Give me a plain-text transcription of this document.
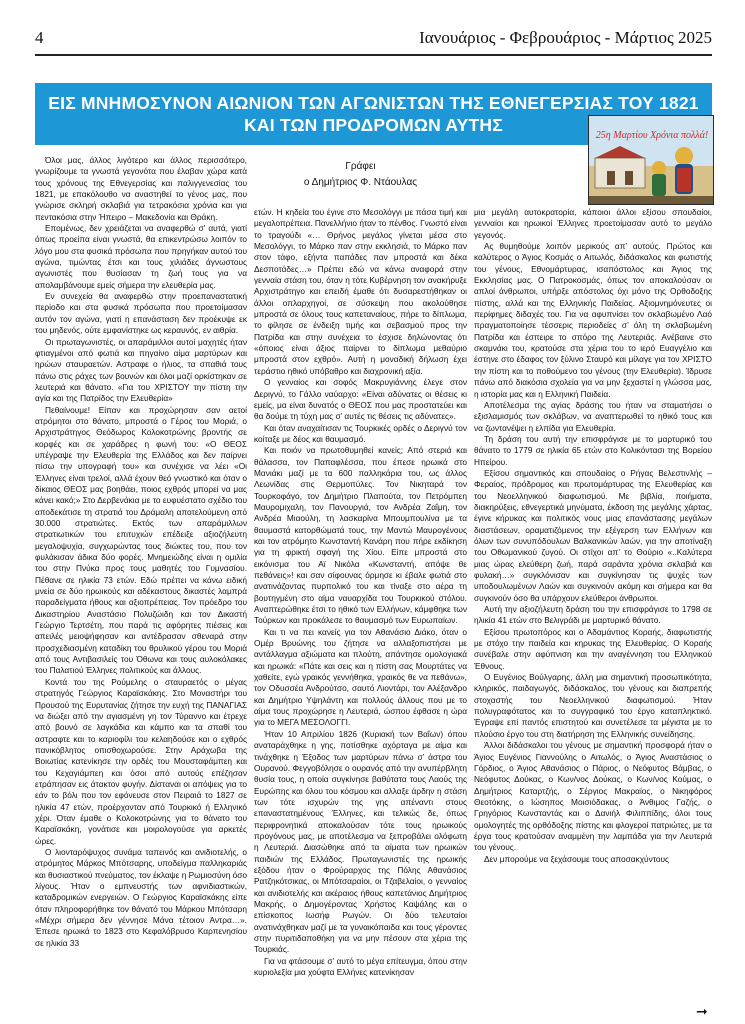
4	Ιανουάριος - Φεβρουάριος - Μάρτιος 2025
ΕΙΣ ΜΝΗΜΟΣΥΝΟΝ ΑΙΩΝΙΟΝ ΤΩΝ ΑΓΩΝΙΣΤΩΝ ΤΗΣ ΕΘΝΕΓΕΡΣΙΑΣ ΤΟΥ 1821
ΚΑΙ ΤΩΝ ΠΡΟΔΡΟΜΩΝ ΑΥΤΗΣ
25η Μαρτίου Χρόνια πολλά!
Γράφει
ο Δημήτριος Φ. Ντάουλας

Όλοι μας, άλλος λιγότερο και άλλος περισσότερο, γνωρίζουμε τα γνωστά γεγονότα που έλαβαν χώρα κατά τους χρόνους της Εθνεγερσίας και παλιγγενεσίας του 1821, με επακόλουθο να αναστηθεί το γένος μας, που γνώρισε σκληρή σκλαβιά για τετρακόσια χρόνια και για πεντακόσια στην Ήπειρο – Μακεδονία και Θράκη.

Επομένως, δεν χρειάζεται να αναφερθώ σ’ αυτά, γιατί όπως προείπα είναι γνωστά, θα επικεντρώσω λοιπόν το λόγο μου στα φυσικά πρόσωπα που πρηγήκαν αυτού του αγώνα, τιμώντας έτσι και τους χιλιάδες άγνωστους αγωνιστές που θυσίασαν τη ζωή τους για να απολαμβάνουμε εμείς σήμερα την ελευθερία μας.

Εν συνεχεία θα αναφερθώ στην προεπαναστατική περίοδο και στα φυσικά πρόσωπα που προετοίμασαν αυτόν τον αγώνα, γιατί η επανάσταση δεν προέκυψε εκ του μηδενός, ούτε εμφανίστηκε ως κεραυνός, εν αιθρία.

Οι πρωταγωνιστές, οι απαράμιλλοι αυτοί μαχητές ήταν φτιαγμένοι από φωτιά και πηγαίνο αίμα μαρτύρων και ηρώων σταυραετών. Αστραφε ο ήλιος, τα σπαθιά τους πάνω στις ράχες των βουνών και όλοι μαζί ορκίστηκαν σε λευτεριά και θάνατο. «Για του ΧΡΙΣΤΟΥ την πίστη την αγία και της Πατρίδος την Ελευθερία»

Πεθαίνουμε! Είπαν και προχώρησαν σαν αετοί ατρόμητοι στο θάνατο, μπροστά ο Γέρος του Μοριά, ο Αρχιστράτηγος Θεόδωρος Κολοκοτρώνης βροντής σε κορφές και σε χαράδρες η φωνή του: «Ο ΘΕΟΣ υπέγραψε την Ελευθερία της Ελλάδος και δεν παίρνει πίσω την υπογραφή του» και συνέχισε να λέει «Οι Έλληνες είναι τρελοί, αλλά έχουν θεό γνωστικό και όταν ο δίκαιος ΘΕΟΣ μας βοηθάει, ποιος εχθρός μπορεί να μας κάνει κακό;» Στο Δερβενάκια με το ευφυέστατο σχέδιο του αποδεκάτισε τη στρατιά του Δράμαλη αποτελούμενη από 30.000 στρατιώτες. Εκτός των απαράμιλλων στρατιωτικών του επιτυχιών επέδειξε αξιοζήλευτη μεγαλοψυχία, συγχωρώντας τους διώκτες του, που τον φυλάκισαν άδικα δύο φορές. Μνημειώδης είναι η ομιλία του στην Πνύκα προς τους μαθητές του Γυμνασίου. Πέθανε σε ηλικία 73 ετών. Εδώ πρέπει να κάνω ειδική μνεία σε δύο ηρωικούς και αδέκαστους δικαστές λαμπρά παραδείγματα ήθους και αξιοπρέπειας. Τον πρόεδρο του Δικαστηρίου Αναστάσιο Πολυζώιδη και τον Δικαστή Γεώργιο Τερτσέτη, που παρά τις αφόρητες πιέσεις και απειλές μειοψήφησαν και αντέδρασαν σθεναρά στην προσχεδιασμένη καταδίκη του θρυλικού γέρου του Μοριά από τους Αντιβασιλείς του Όθωνα και τους αυλοκόλακες του Παλατιού Έλληνες πολιτικούς και άλλους.

Κοντά του της Ρούμελης ο σταυραετός ο μέγας στρατηγός Γεώργιος Καραϊσκάκης. Στο Μοναστήρι του Προυσού της Ευρυτανίας ζήτησε την ευχή της ΠΑΝΑΓΙΑΣ να διώξει από την αγιασμένη γη τον Τύραννο και έτρεχε από βουνό σε λαγκάδια και κάμπο και τα σπαθί του αστραφτε και το καριοφίλι του κελαηδούσε και ο εχθρός πανικόβλητος οπισθοχωρούσε. Στην Αράχωβα της Βοιωτίας κατενίκησε την ορδές του Μουσταφάμπεη και του Κεχαγιάμπεη και όσοι από αυτούς επέζησαν ετράπησαν εις άτακτον φυγήν. Δίσταναι οι απόψεις για το εάν το βόλι που τον εφόνευσε στον Πειραιά το 1827 σε ηλικία 47 ετών, προέρχονταν από Τουρκικό ή Ελληνικό χέρι. Όταν έμαθε ο Κολοκοτρώνης για το θάνατο του Καραϊσκάκη, γονάτισε και μοιρολογούσε για αρκετές ώρες.

Ο λιονταρόψυχος συνάμα ταπεινός και ανιδιοτελής, ο ατρόμητος Μάρκος Μπότσαρης, υποδείγμα παλληκαριάς και θυσιαστικού πνεύματος, τον έκλαψε η Ρωμιοσύνη όσο λίγους. Ήταν ο εμπνευστής των αφνιδιαστικών, καταδρομικών ενεργειών. Ο Γεώργιος Καραϊσκάκης είπε όταν πληροφορήθηκε τον θάνατό του Μάρκου Μπότσαρη «Μέχρι σήμερα δεν γέννησε Μάνα τέτοιον Αντρα…». Έπεσε ηρωικά το 1823 στο Κεφαλόβρυσο Καρπενησίου σε ηλικία 33

ετών. Η κηδεία του έγινε στο Μεσολόγγι με πάσα τιμή και μεγαλοπρέπεια. Πανελλήνιο ήταν το πένθος. Γνωστό είναι το τραγούδι «… Θρήνος μεγάλος γίνεται μέσα στο Μεσολόγγι, το Μάρκο παν στην εκκλησιά, το Μάρκο παν στον τάφο, εξήντα παπάδες παν μπροστά και δέκα Δεσποτάδες…» Πρέπει εδώ να κάνω αναφορά στην γενναία στάση του, όταν η τότε Κυβέρνηση τον ανακήρυξε Αρχιστράτηγο και επειδή έμαθε ότι δυσαρεστήθηκαν οι άλλοι οπλαρχηγοί, σε σύσκεψη που ακολούθησε μπροστά σε όλους τους καπεταναίους, πήρε το δίπλωμα, το φίλησε σε ένδειξη τιμής και σεβασμού προς την Πατρίδα και στην συνέχεια το έσχισε δηλώνοντας ότι «όποιος είναι άξιος παίρνει το δίπλωμα μεθαύριο μπροστά στον εχθρό». Αυτή η μοναδική δήλωση έχει τεράστιο ηθικό υπόβαθρο και διαχρονική αξία.

Ο γενναίος και σοφός Μακρυγιάννης έλεγε στον Δεριγνύ, το Γάλλο ναύαρχο: «Είναι αδύνατες οι θέσεις κι εμείς, μα είναι δυνατός ο ΘΕΟΣ που μας προστατεύει και θα δούμε τη τύχη μας σ’ αυτές τις θέσεις τις αδύνατες».

Και όταν αναχαίτισαν τις Τουρκικές ορδές ο Δεριγνύ τον κοίταξε με δέος και θαυμασμό.

Και ποιόν να πρωτοθυμηθεί κανείς; Από στεριά και θάλασσα, τον Παπαφλέσσα, που έπεσε ηρωικά στο Μανιάκι μαζί με τα 600 παλληκάρια του, ως άλλος Λεωνίδας στις Θερμοπύλες. Τον Νικηταρά τον Τουρκοφάγο, τον Δημήτριο Πλαπούτα, τον Πετρόμπεη Μαυρομιχαλη, τον Πανουργιά, τον Ανδρέα Ζαΐμη, τον Ανδρέα Μιαούλη, τη λασκαρίνα Μπουμπουλίνα με τα θαυμαστά κατορθώματά τους, την Μαντώ Μαυρογένους και τον ατρόμητο Κωνσταντή Κανάρη που πήρε εκδίκηση για τη φρικτή σφαγή της Χίου. Είπε μπροστά στο εικόνισμα του Αϊ Νικόλα «Κωνσταντή, απόψε θε πεθάνεις»! και σαν σίφουνας όρμησε κι έβαλε φωτιά στο ανατινάζοντας πυρπολικό του και τίναξε στο αέρα τη βουτηγμένη στο αίμα ναυαρχίδα του Τουρκικού στόλου. Αναπτερώθηκε έτσι το ηθικό των Ελλήνων, κάμφθηκε των Τούρκων και προκάλεσε το θαυμασμό των Ευρωπαίων.

Και τι να πει κανείς για τον Αθανάσιο Διάκο, όταν ο Ομέρ Βρυώνης του ζήτησε να αλλαξοπιστήσει με αντάλλαγμα αξιώματα και πλούτη, απάντησε ομολογιακά και ηρωικά: «Πάτε και σεις και η πίστη σας Μουρτάτες να χαθείτε, εγώ γραικός γεννήθηκα, γραικός θε να πεθάνω», τον Οδυσσέα Ανδρούτσο, σαυτό Λιοντάρι, τον Αλέξανδρο και Δημήτριο Υψηλάντη και πολλούς άλλους που με το αίμα τους προχώρησε η Λευτεριά, ώσπου έφθασε η ώρα για το ΜΕΓΑ ΜΕΣΟΛΟΓΓΙ.

Ήταν 10 Απριλίου 1826 (Κυριακή των Βαΐων) όπου αναταράχθηκε η γης, ποτίσθηκε αχόρταγα με αίμα και τινάχθηκε η Έξοδος των μαρτύρων πάνω σ’ άστρα του Ουρανού. Φεγγοβόλησε ο ουρανός από την ανυπέρβλητη θυσία τους, η οποία συγκίνησε βαθύτατα τους Λαούς της Ευρώπης και όλου του κόσμου και αλλαξε άρδην η στάση των τότε ισχυρών της γης απέναντι στους επαναστατημένους Έλληνες, και τελικώς δε, όπως περιφρονητικά αποκαλούσαν τότε τους ηρωικούς προγόνους μας, με αποτέλεσμα να ξεπροβάλει ολόφωτη η Λευτεριά. Διασώθηκε από τα αίματα των ηρωικών παιδιών της Ελλάδος. Πρωταγωνιστές της ηρωικής εξόδου ήταν ο Φρούραρχος της Πόλης Αθανάσιος Ρατζηκότσικας, οι Μπότσαραίοι, οι Τζαβελαίοι, ο γενναίος και ανιδιοτελής και ακέραιος ήθους καπετάνιος Δημήτριος Μακρής, ο Δημογέροντας Χρήστος Καψάλης και ο επίσκοπος Ιωσήφ Ρωγών. Οι δύο τελευταίοι ανατινάχθηκαν μαζί με τα γυναικόπαιδα και τους γέροντες στην πυριτιδαποθήκη για να μην πέσουν στα χέρια της Τουρκιάς.

Για να φτάσουμε σ’ αυτό το μέγα επίτευγμα, όπου στην κυριολεξία μια χούφτα Ελλήνες κατενίκησαν

μια μεγάλη αυτοκρατορία, κάποιοι άλλοι εξίσου σπουδαίοι, γενναίοι και ηρωικοί Έλληνες προετοίμασαν αυτό το μεγάλο γεγονός.

Ας θυμηθούμε λοιπόν μερικούς απ’ αυτούς. Πρώτος και καλύτερος ο Άγιος Κοσμάς ο Αιτωλός, διδάσκαλος και φωτιστής του γένους, Εθνομάρτυρας, ισαπόστολος και Άγιος της Εκκλησίας μας. Ο Πατροκοσμάς, όπως τον αποκαλούσαν οι απλοί άνθρωποι, υπήρξε απόστολος όχι μόνο της Ορθοδοξης πίστης, αλλά και της Ελληνικής Παιδείας. Αξιομνημόνευτες οι περίφημες διδαχές του. Για να αφυπνίσει τον σκλαβωμένο Λαό πραγματοποίησε τέσσερις περιοδείες σ’ όλη τη σκλαβωμένη Πατρίδα και έσπειρε το σπόρο της Λευτεριάς. Ανέβαινε στο σκαμνάκι του, κρατούσε στα χέρια του το ιερό Ευαγγέλιο και έστηνε στο έδαφος τον ξύλινο Σταυρό και μίλαγε για τον ΧΡΙΣΤΟ την πίστη και το ποθούμενο του γένους (την Ελευθερία). Ίδρυσε πάνω από διακόσια σχολεία για να μην ξεχαστεί η γλώσσα μας, η ιστορία μας και η Ελληνική Παιδεία.

Αποτέλεσμα της αγίας δράσης του ήταν να σταματήσει ο εξισλαμισμός των σκλάβων, να αναπτερωθεί το ηθικό τους και να ζωντανέψει η ελπίδα για Ελευθερία.

Τη δράση του αυτή την επισφράγισε με το μαρτυρικό του θάνατο το 1779 σε ηλικία 65 ετών στο Κολικόντασι της Βορείου Ηπείρου.

Εξίσου σημαντικός και σπουδαίος ο Ρήγας Βελεστινλής – Φεραίος, πρόδρομος και πρωτομάρτυρας της Ελευθερίας και του Νεοελληνικού διαφωτισμού. Με βιβλία, ποιήματα, διακηρύξεις, εθνεγερτικά μηνύματα, έκδοση της μεγάλης χάρτας, έγινε κήρυκας και πολιτικός νους μιας επανάστασης μεγάλων διαστάσεων, οραματιζόμενος την εξέγερση των Ελλήνων και όλων των συνυπόδουλων Βαλκανικών λαών, για την αποτίναξη του Οθωμανικού ζυγού. Οι στίχοι απ’ το Θούριο «..Καλύτερα μιας ώρας ελεύθερη ζωή, παρά σαράντα χρόνια σκλαβιά και φυλακή…» συγκλόνισαν και συγκίνησαν τις ψυχές των υποδουλωμένων Λαών και συγκινούν ακόμη και σήμερα και θα συγκινούν όσο θα υπάρχουν ελεύθεροι άνθρωποι.

Αυτή την αξιοζήλευτη δράση του την επισφράγισε το 1798 σε ηλικία 41 ετών στο Βελιγράδι με μαρτυρικό θάνατο.

Εξίσου πρωτοπόρος και ο Αδαμάντιος Κοραής, διαφωτιστής με στόχο την παιδεία και κηρυκας της Ελευθερίας. Ο Κοραής συνέβαλε στην αφύπνιση και την αναγέννηση του Ελληνικού Έθνους.

Ο Ευγένιος Βούλγαρης, άλλη μια σημαντική προσωπικότητα, κληρικός, παιδαγωγός, διδάσκαλος, του γένους και διαπρεπής στοχαστής του Νεοελληνικού διαφωτισμού. Ήταν πολυγραφότατος και το συγγραφικό του έργο καταπληκτικό. Έγραψε επί παντός επιστητού και συνετέλεσε τα μέγιστα με το πλούσιο έργο του στη διατήρηση της Ελληνικής συνείδησης.

Άλλοι διδάσκαλοι του γένους με σημαντική προσφορά ήταν ο Άγιος Ευγένιος Γιαννούλης ο Αιτωλός, ο Άγιος Αναστάσιος ο Γόρδιος, ο Άγιος Αθανάσιος ο Πάριος, ο Νεόφυτος Βάμβας, ο Νεόφυτος Δούκας, ο Κων/νος Δούκας, ο Κων/νος Κούμας, ο Δημήτριος Καταρτζής, ο Σέργιος Μακραίος, ο Νικηφόρος Θεοτόκης, ο Ιώσηπος Μοισιόδακας, ο Άνθιμος Γαζής, ο Γρηγόριος Κωνσταντάς και ο Δανιήλ Φιλιππίδης, όλοι τους ομολογητές της ορθόδοξης πίστης και φλογεροί πατριώτες, με τα έργα τους κρατούσαν αναμμένη την λαμπάδα για την Λευτεριά του γένους.

Δεν μπορούμε να ξεχάσουμε τους αποσακχύντους

➞
